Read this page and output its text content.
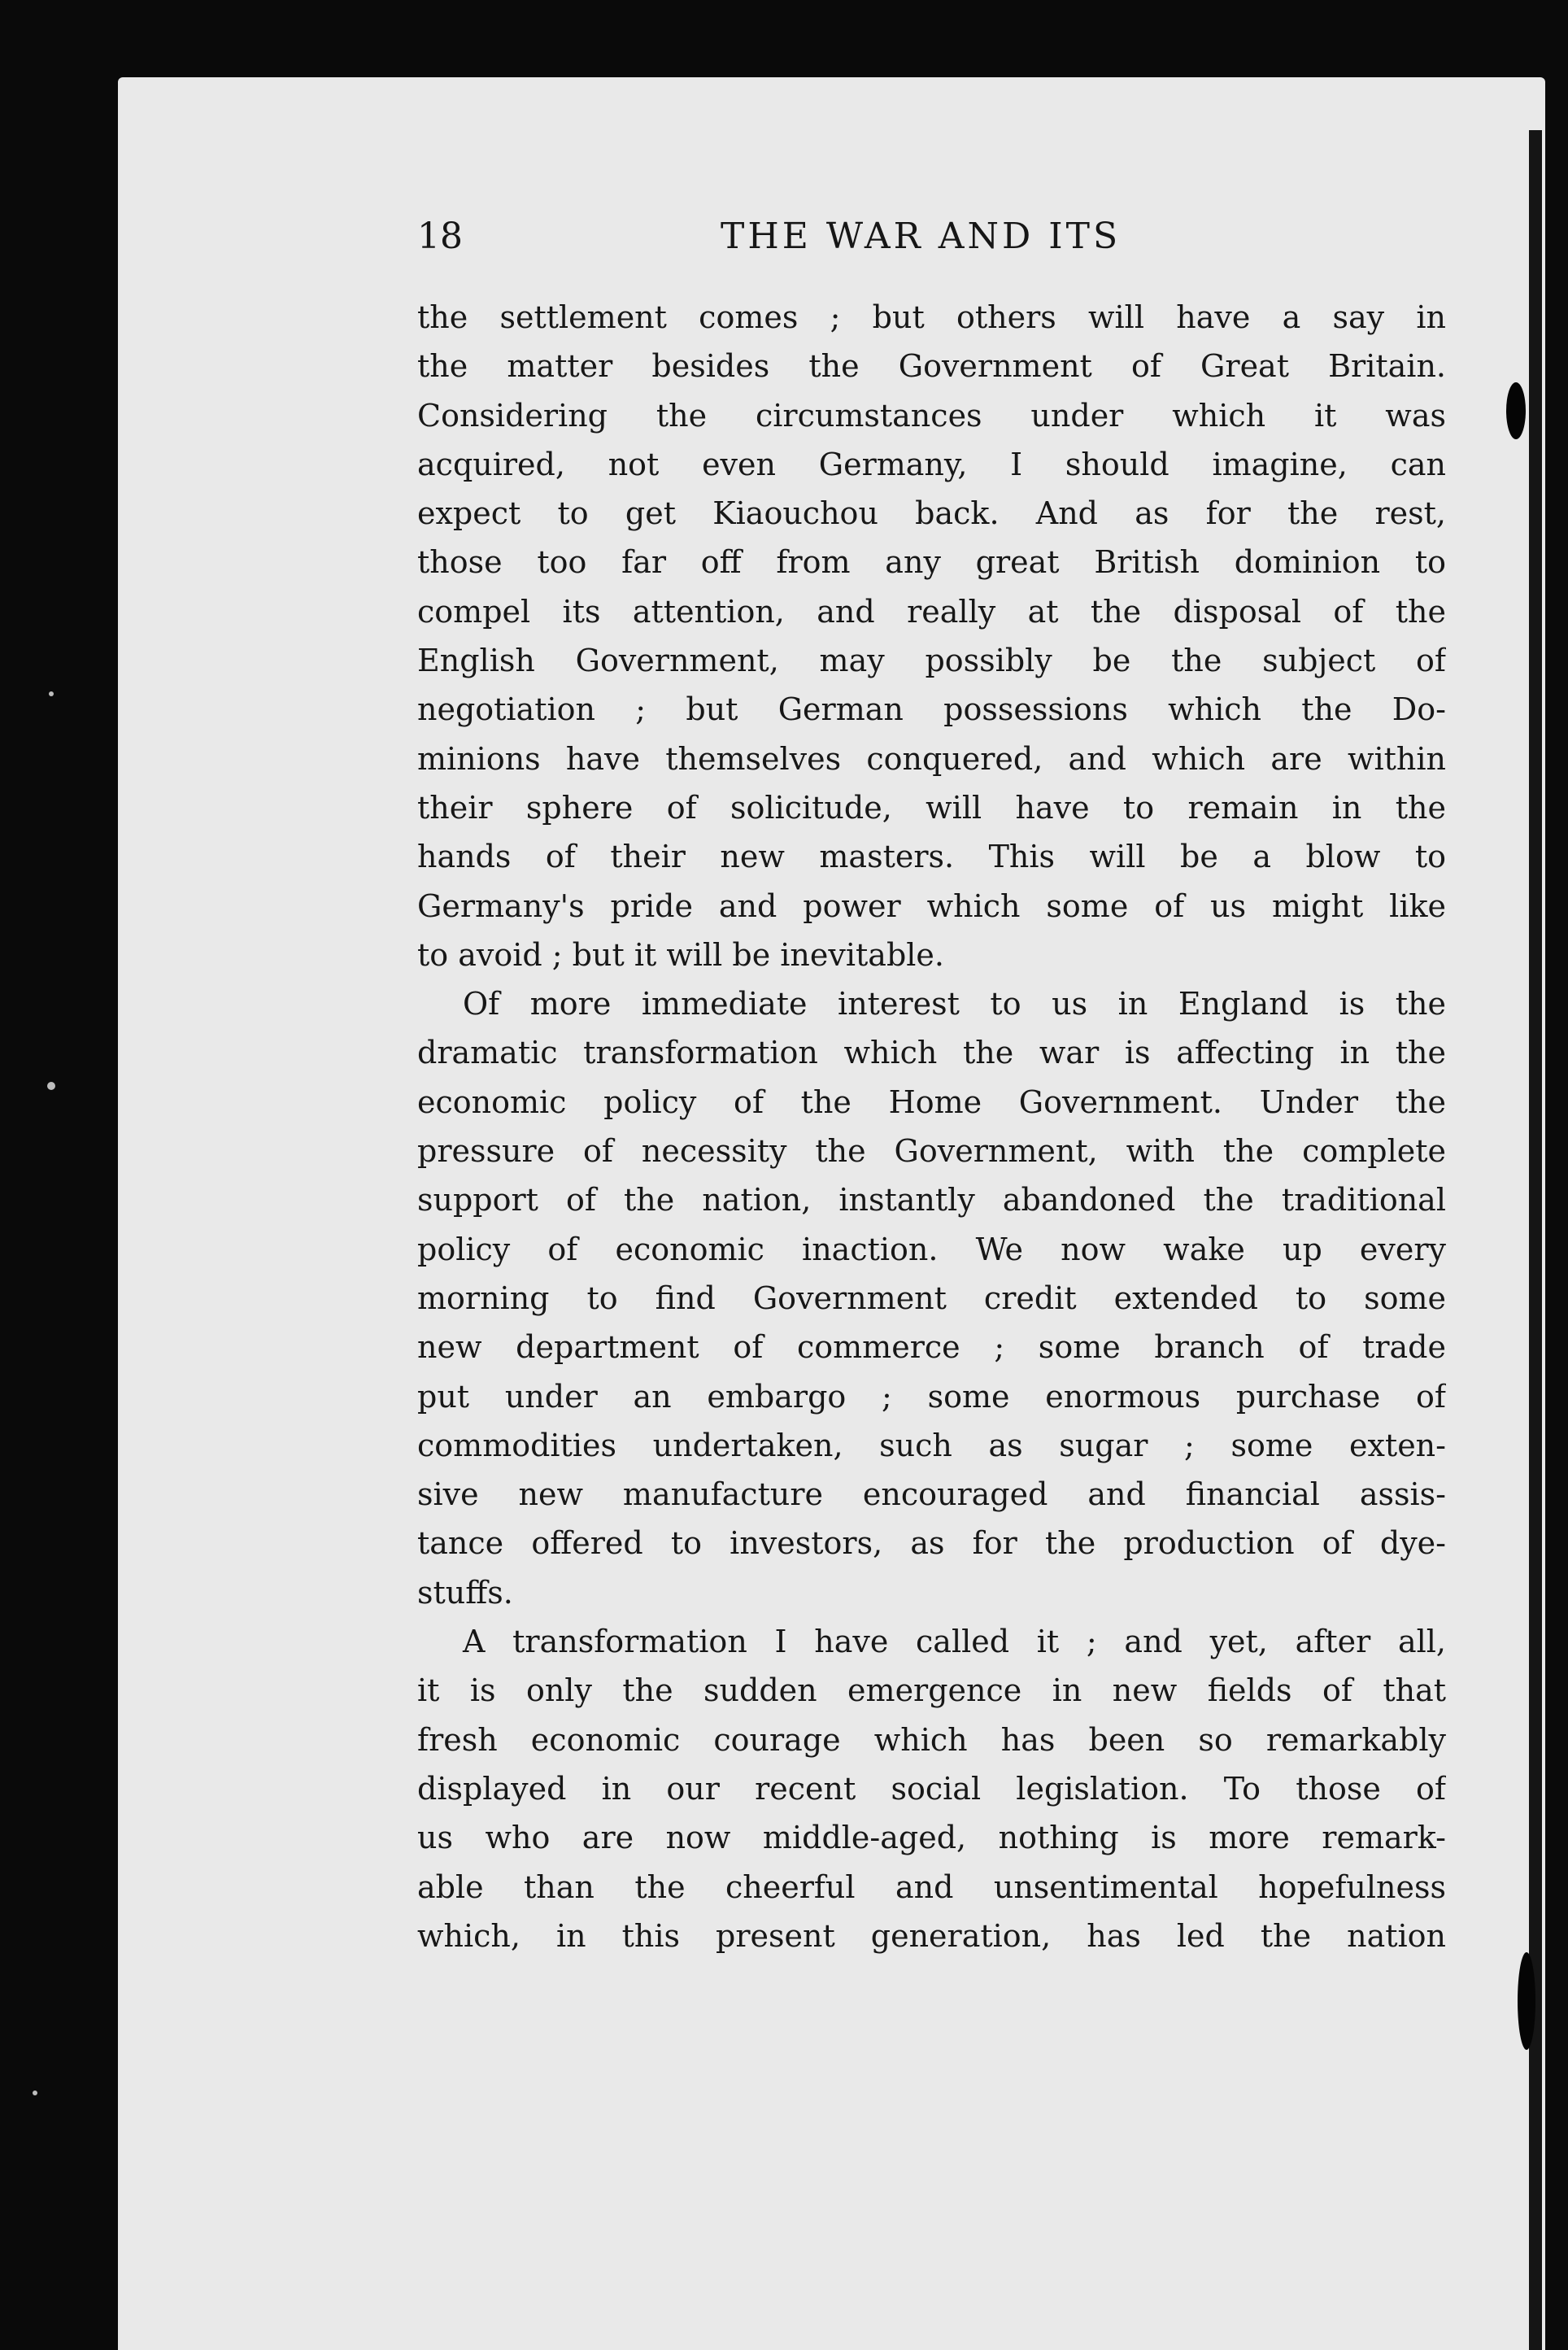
18	THE WAR AND ITS
the settlement comes ; but others will have a say in
the matter besides the Government of Great Britain.
Considering the circumstances under which it was
acquired, not even Germany, I should imagine, can
expect to get Kiaouchou back. And as for the rest,
those too far off from any great British dominion to
compel its attention, and really at the disposal of the
English Government, may possibly be the subject of
negotiation ; but German possessions which the Do-
minions have themselves conquered, and which are within
their sphere of solicitude, will have to remain in the
hands of their new masters. This will be a blow to
Germany's pride and power which some of us might like
to avoid ; but it will be inevitable.
Of more immediate interest to us in England is the
dramatic transformation which the war is affecting in the
economic policy of the Home Government. Under the
pressure of necessity the Government, with the complete
support of the nation, instantly abandoned the traditional
policy of economic inaction. We now wake up every
morning to find Government credit extended to some
new department of commerce ; some branch of trade
put under an embargo ; some enormous purchase of
commodities undertaken, such as sugar ; some exten-
sive new manufacture encouraged and financial assis-
tance offered to investors, as for the production of dye-
stuffs.
A transformation I have called it ; and yet, after all,
it is only the sudden emergence in new fields of that
fresh economic courage which has been so remarkably
displayed in our recent social legislation. To those of
us who are now middle-aged, nothing is more remark-
able than the cheerful and unsentimental hopefulness
which, in this present generation, has led the nation
